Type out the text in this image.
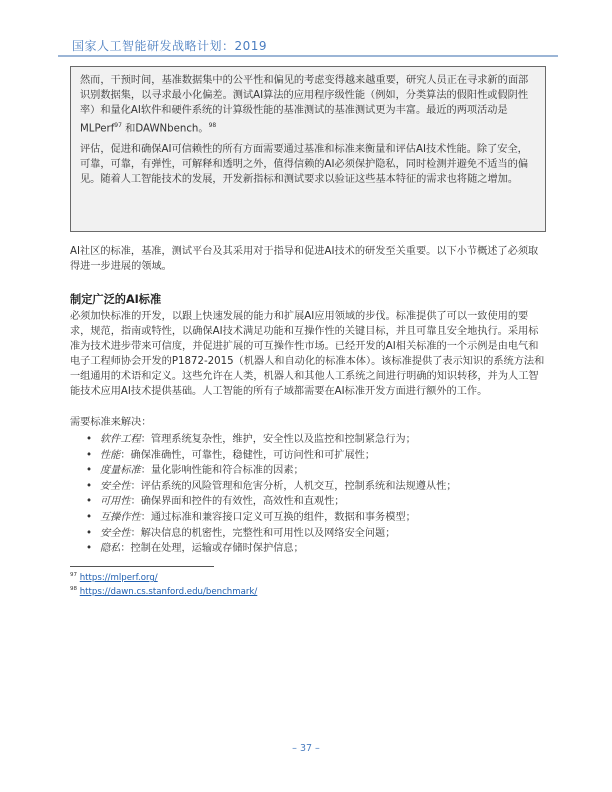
国家人工智能研发战略计划：2019

然而，干预时间，基准数据集中的公平性和偏见的考虑变得越来越重要，研究人员正在寻求新的面部识别数据集，以寻求最小化偏差。测试AI算法的应用程序级性能（例如，分类算法的假阳性或假阴性率）和量化AI软件和硬件系统的计算级性能的基准测试的基准测试更为丰富。最近的两项活动是MLPerf$^{97}$ 和DAWNbench。$^{98}$

评估，促进和确保AI可信赖性的所有方面需要通过基准和标准来衡量和评估AI技术性能。除了安全，可靠，可靠，有弹性，可解释和透明之外，值得信赖的AI必须保护隐私，同时检测并避免不适当的偏见。随着人工智能技术的发展，开发新指标和测试要求以验证这些基本特征的需求也将随之增加。

AI社区的标准，基准，测试平台及其采用对于指导和促进AI技术的研发至关重要。以下小节概述了必须取得进一步进展的领域。

制定广泛的AI标准

必须加快标准的开发，以跟上快速发展的能力和扩展AI应用领域的步伐。标准提供了可以一致使用的要求，规范，指南或特性，以确保AI技术满足功能和互操作性的关键目标，并且可靠且安全地执行。采用标准为技术进步带来可信度，并促进扩展的可互操作性市场。已经开发的AI相关标准的一个示例是由电气和电子工程师协会开发的P1872-2015（机器人和自动化的标准本体）。该标准提供了表示知识的系统方法和一组通用的术语和定义。这些允许在人类，机器人和其他人工系统之间进行明确的知识转移，并为人工智能技术应用AI技术提供基础。人工智能的所有子域都需要在AI标准开发方面进行额外的工作。

需要标准来解决：

• 软件工程：管理系统复杂性，维护，安全性以及监控和控制紧急行为；
• 性能：确保准确性，可靠性，稳健性，可访问性和可扩展性；
• 度量标准：量化影响性能和符合标准的因素；
• 安全性：评估系统的风险管理和危害分析，人机交互，控制系统和法规遵从性；
• 可用性：确保界面和控件的有效性，高效性和直观性；
• 互操作性：通过标准和兼容接口定义可互换的组件，数据和事务模型；
• 安全性：解决信息的机密性，完整性和可用性以及网络安全问题；
• 隐私：控制在处理，运输或存储时保护信息；
$^{97}$ https://mlperf.org/
$^{98}$ https://dawn.cs.stanford.edu/benchmark/
– 37 –
